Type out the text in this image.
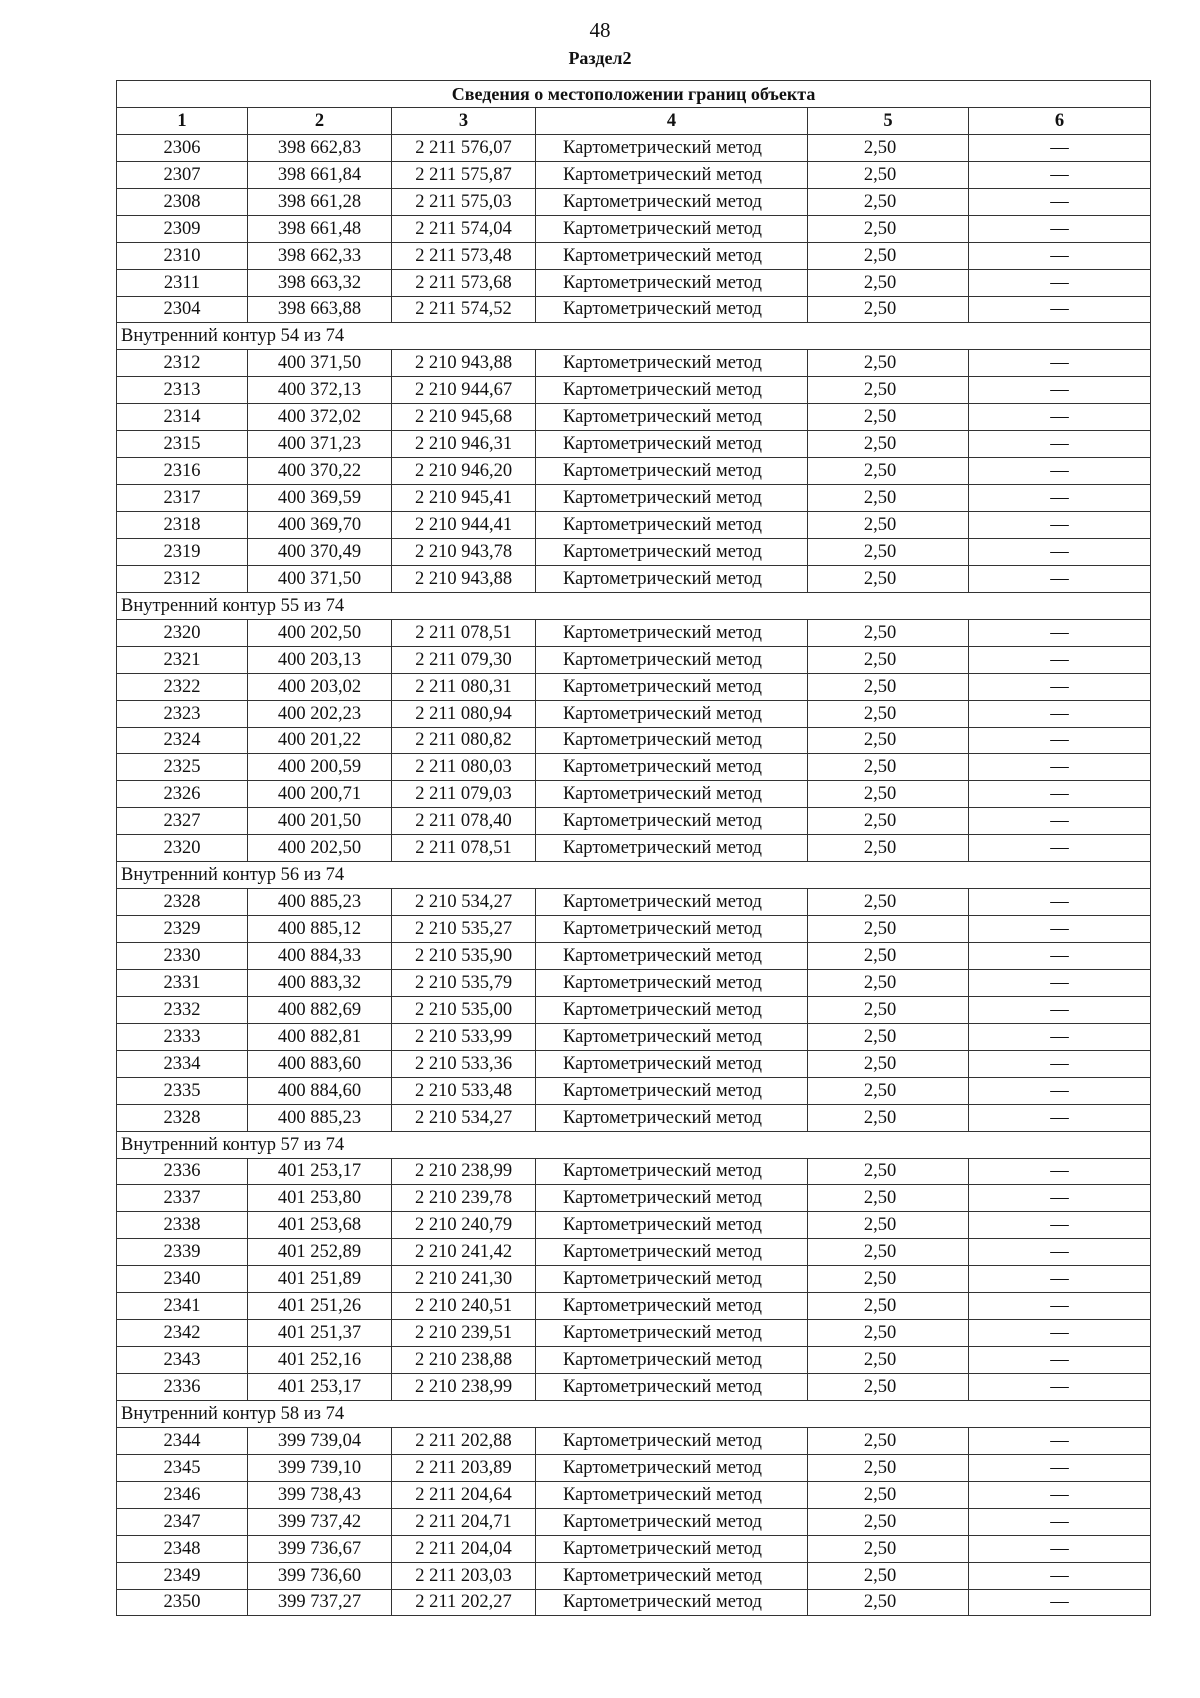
48
Раздел2
Сведения о местоположении границ объекта					
1	2	3	4	5	6
2306	398 662,83	2 211 576,07	Картометрический метод	2,50	—
2307	398 661,84	2 211 575,87	Картометрический метод	2,50	—
2308	398 661,28	2 211 575,03	Картометрический метод	2,50	—
2309	398 661,48	2 211 574,04	Картометрический метод	2,50	—
2310	398 662,33	2 211 573,48	Картометрический метод	2,50	—
2311	398 663,32	2 211 573,68	Картометрический метод	2,50	—
2304	398 663,88	2 211 574,52	Картометрический метод	2,50	—
Внутренний контур 54 из 74					
2312	400 371,50	2 210 943,88	Картометрический метод	2,50	—
2313	400 372,13	2 210 944,67	Картометрический метод	2,50	—
2314	400 372,02	2 210 945,68	Картометрический метод	2,50	—
2315	400 371,23	2 210 946,31	Картометрический метод	2,50	—
2316	400 370,22	2 210 946,20	Картометрический метод	2,50	—
2317	400 369,59	2 210 945,41	Картометрический метод	2,50	—
2318	400 369,70	2 210 944,41	Картометрический метод	2,50	—
2319	400 370,49	2 210 943,78	Картометрический метод	2,50	—
2312	400 371,50	2 210 943,88	Картометрический метод	2,50	—
Внутренний контур 55 из 74					
2320	400 202,50	2 211 078,51	Картометрический метод	2,50	—
2321	400 203,13	2 211 079,30	Картометрический метод	2,50	—
2322	400 203,02	2 211 080,31	Картометрический метод	2,50	—
2323	400 202,23	2 211 080,94	Картометрический метод	2,50	—
2324	400 201,22	2 211 080,82	Картометрический метод	2,50	—
2325	400 200,59	2 211 080,03	Картометрический метод	2,50	—
2326	400 200,71	2 211 079,03	Картометрический метод	2,50	—
2327	400 201,50	2 211 078,40	Картометрический метод	2,50	—
2320	400 202,50	2 211 078,51	Картометрический метод	2,50	—
Внутренний контур 56 из 74					
2328	400 885,23	2 210 534,27	Картометрический метод	2,50	—
2329	400 885,12	2 210 535,27	Картометрический метод	2,50	—
2330	400 884,33	2 210 535,90	Картометрический метод	2,50	—
2331	400 883,32	2 210 535,79	Картометрический метод	2,50	—
2332	400 882,69	2 210 535,00	Картометрический метод	2,50	—
2333	400 882,81	2 210 533,99	Картометрический метод	2,50	—
2334	400 883,60	2 210 533,36	Картометрический метод	2,50	—
2335	400 884,60	2 210 533,48	Картометрический метод	2,50	—
2328	400 885,23	2 210 534,27	Картометрический метод	2,50	—
Внутренний контур 57 из 74					
2336	401 253,17	2 210 238,99	Картометрический метод	2,50	—
2337	401 253,80	2 210 239,78	Картометрический метод	2,50	—
2338	401 253,68	2 210 240,79	Картометрический метод	2,50	—
2339	401 252,89	2 210 241,42	Картометрический метод	2,50	—
2340	401 251,89	2 210 241,30	Картометрический метод	2,50	—
2341	401 251,26	2 210 240,51	Картометрический метод	2,50	—
2342	401 251,37	2 210 239,51	Картометрический метод	2,50	—
2343	401 252,16	2 210 238,88	Картометрический метод	2,50	—
2336	401 253,17	2 210 238,99	Картометрический метод	2,50	—
Внутренний контур 58 из 74					
2344	399 739,04	2 211 202,88	Картометрический метод	2,50	—
2345	399 739,10	2 211 203,89	Картометрический метод	2,50	—
2346	399 738,43	2 211 204,64	Картометрический метод	2,50	—
2347	399 737,42	2 211 204,71	Картометрический метод	2,50	—
2348	399 736,67	2 211 204,04	Картометрический метод	2,50	—
2349	399 736,60	2 211 203,03	Картометрический метод	2,50	—
2350	399 737,27	2 211 202,27	Картометрический метод	2,50	—
